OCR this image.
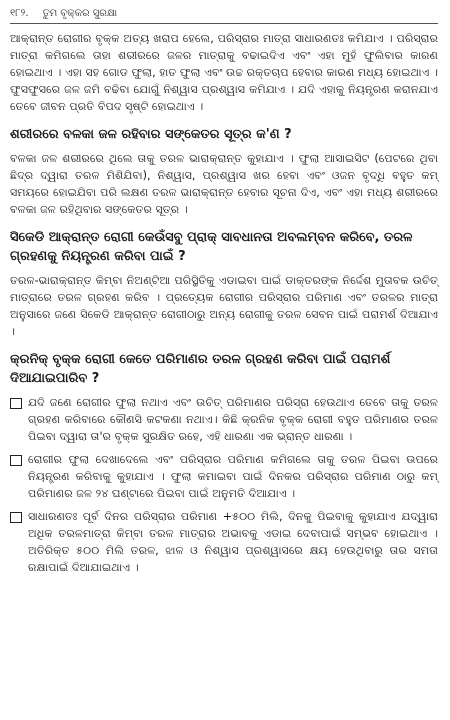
୧୮୨. ତୁମ ବୃକ୍କର ସୁରକ୍ଷା

ଆକ୍ରାନ୍ତ ରୋଗୀର ବୃକ୍କ ଅତ୍ୟ ଖରାପ ହେଲେ, ପରିସ୍ରାର ମାତ୍ରା ସାଧାରଣତଃ କମିଯାଏ । ପରିସ୍ରାର ମାତ୍ରା କମିଗଲେ ତାହା ଶରୀରରେ ଜଳର ମାତ୍ରାକୁ ବଢାଇଦିଏ ଏବଂ ଏହା ମୁହଁ ଫୁଲିବାର କାରଣ ହୋଇଥାଏ । ଏହା ସହ ଗୋଡ ଫୁଲା, ହାତ ଫୁଲା ଏବଂ ଉଚ୍ଚ ରକ୍ତଚାପ ହେବାର କାରଣ ମଧ୍ୟ ହୋଇଥାଏ । ଫୁସଫୁସରେ ଜଳ ଜମି ବଢିବା ଯୋଗୁଁ ନିଶ୍ୱାସ ପ୍ରଶ୍ୱାସ କମିଯାଏ । ଯଦି ଏହାକୁ ନିୟନ୍ତ୍ରଣ କରାନଯାଏ ତେବେ ଜୀବନ ପ୍ରତି ବିପଦ ସୃଷ୍ଟି ହୋଇଥାଏ ।

ଶରୀରରେ ବଳକା ଜଳ ରହିବାର ସଙ୍କେତର ସୂତ୍ର କ'ଣ ?

ବଳକା ଜଳ ଶରୀରରେ ଥିଲେ ତାକୁ ତରଳ ଭାରାକ୍ରାନ୍ତ କୁହାଯାଏ । ଫୁଲା ଆସାଇସିଟ (ପେଟରେ ଥିବା ଛିଦ୍ର ଦ୍ୱାରା ତରଳ ମିଶିଯିବା), ନିଶ୍ୱାସ, ପ୍ରଶ୍ୱାସ ଖର ହେବା ଏବଂ ଓଜନ ବୃଦ୍ଧି ବହୁତ କମ୍ ସମୟରେ ହୋଇଯିବା ପରି ଲକ୍ଷଣ ତରଳ ଭାରାକ୍ରାନ୍ତ ହେବାର ସୂଚନା ଦିଏ, ଏବଂ ଏହା ମଧ୍ୟ ଶରୀରରେ ବଳକା ଜଳ ରହିଥିବାର ସଙ୍କେତର ସୂତ୍ର ।

ସିକେଡି ଆକ୍ରାନ୍ତ ରୋଗୀ କେଉଁସବୁ ପ୍ରାକ୍ ସାବଧାନତା ଅବଲମ୍ବନ କରିବେ, ତରଳ ଗ୍ରହଣକୁ ନିୟନ୍ତ୍ରଣ କରିବା ପାଇଁ ?

ତରଳ-ଭାରାକ୍ରାନ୍ତ କିମ୍ବା ନିଅଣ୍ଟିଆ ପରିସ୍ଥିତିକୁ ଏଡାଇବା ପାଇଁ ଡାକ୍ତରଙ୍କ ନିର୍ଦ୍ଦେଶ ମୁତାବକ ଉଚିତ୍ ମାତ୍ରାରେ ତରଳ ଗ୍ରହଣ କରିବ । ପ୍ରତ୍ୟେକ ରୋଗୀର ପରିସ୍ରାର ପରିମାଣ ଏବଂ ତରଳର ମାତ୍ରା ଅନୁସାରେ ଜଣେ ସିକେଡି ଆକ୍ରାନ୍ତ ରୋଗୀଠାରୁ ଅନ୍ୟ ରୋଗୀକୁ ତରଳ ସେବନ ପାଇଁ ପରାମର୍ଶ ଦିଆଯାଏ ।

କ୍ରନିକ୍ ବୃକ୍କ ରୋଗୀ କେତେ ପରିମାଣର ତରଳ ଗ୍ରହଣ କରିବା ପାଇଁ ପରାମର୍ଶ ଦିଆଯାଇପାରିବ ?
ଯଦି ଜଣେ ରୋଗୀର ଫୁଲା ନଥାଏ ଏବଂ ଉଚିତ୍ ପରିମାଣର ପରିସ୍ରା ହେଉଥାଏ ତେବେ ତାକୁ ତରଳ ଗ୍ରହଣ କରିବାରେ କୌଣସି କଟକଣା ନଥାଏ। କିଛି କ୍ରନିକ ବୃକ୍କ ରୋଗୀ ବହୁତ ପରିମାଣର ତରଳ ପିଇବା ଦ୍ୱାରା ତା'ର ବୃକ୍କ ସୁରକ୍ଷିତ ରହେ, ଏହି ଧାରଣା ଏକ ଭ୍ରାନ୍ତ ଧାରଣା ।
ରୋଗୀର ଫୁଲା ଦେଖାଦେଲେ ଏବଂ ପରିସ୍ରାର ପରିମାଣ କମିଗଲେ ତାକୁ ତରଳ ପିଇବା ଉପରେ ନିୟନ୍ତ୍ରଣ କରିବାକୁ କୁହାଯାଏ । ଫୁଲା କମାଇବା ପାଇଁ ଦିନକର ପରିସ୍ରାର ପରିମାଣ ଠାରୁ କମ୍ ପରିମାଣର ଜଳ ୨୪ ଘଣ୍ଟାରେ ପିଇବା ପାଇଁ ଅନୁମତି ଦିଆଯାଏ ।
ସାଧାରଣତଃ ପୂର୍ବ ଦିନର ପରିସ୍ରାର ପରିମାଣ +୫୦୦ ମିଲି, ଦିନକୁ ପିଇବାକୁ କୁହାଯାଏ ଯଦ୍ୱାରା ଅଧିକ ତରଳମାତ୍ରା କିମ୍ବା ତରଳ ମାତ୍ରାର ଅଭାବକୁ ଏଡାଇ ଦେବାପାଇଁ ସମ୍ଭବ ହୋଇଥାଏ । ଅତିରିକ୍ତ ୫୦୦ ମିଲି ତରଳ, ଝାଳ ଓ ନିଶ୍ୱାସ ପ୍ରଶ୍ୱାସରେ କ୍ଷୟ ହେଉଥିବାରୁ ତାର ସମତା ରକ୍ଷାପାଇଁ ଦିଆଯାଇଥାଏ ।
